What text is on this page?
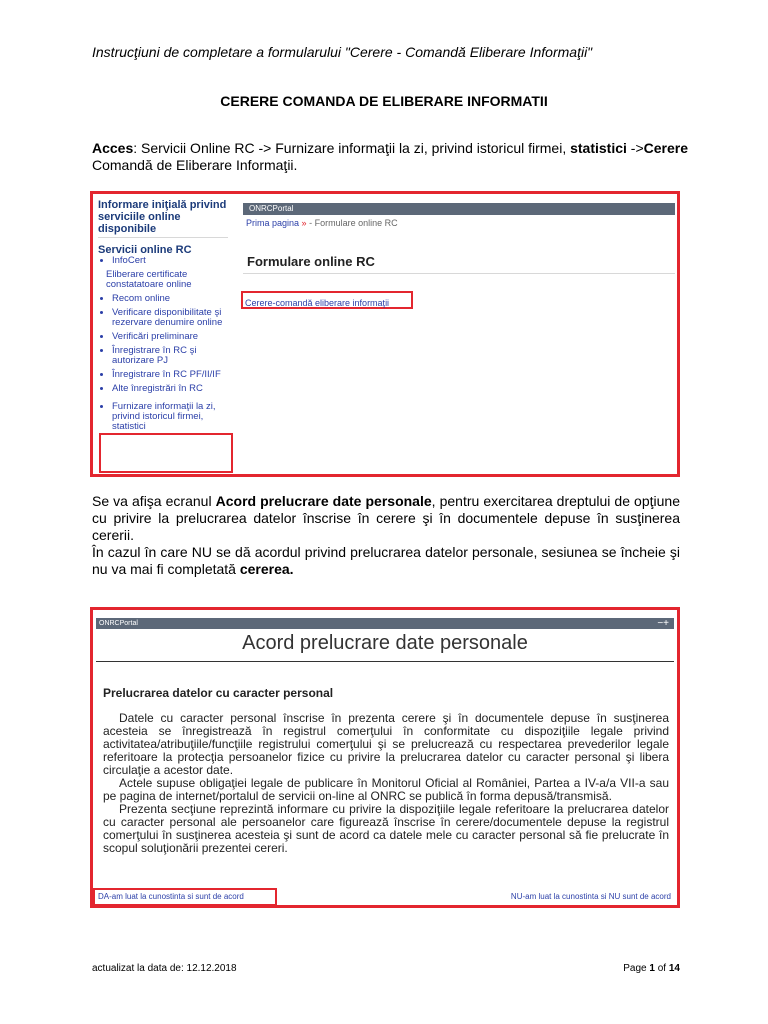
Instrucţiuni de completare a formularului "Cerere - Comandă Eliberare Informaţii"
CERERE COMANDA DE ELIBERARE INFORMATII
Acces: Servicii Online RC -> Furnizare informaţii la zi, privind istoricul firmei, statistici ->Cerere Comandă de Eliberare Informaţii.
Informare iniţială privind serviciile online disponibile
Servicii online RC
• InfoCert
Eliberare certificate constatatoare online
• Recom online
• Verificare disponibilitate şi rezervare denumire online
• Verificări preliminare
• Înregistrare în RC şi autorizare PJ
• Înregistrare în RC PF/II/IF
• Alte înregistrări în RC
• Furnizare informaţii la zi, privind istoricul firmei, statistici
ONRCPortal
Prima pagina » - Formulare online RC
Formulare online RC
Cerere-comandă eliberare informaţii
Se va afişa ecranul Acord prelucrare date personale, pentru exercitarea dreptului de opţiune cu privire la prelucrarea datelor înscrise în cerere şi în documentele depuse în susţinerea cererii.
În cazul în care NU se dă acordul privind prelucrarea datelor personale, sesiunea se încheie şi nu va mai fi completată cererea.
ONRCPortal	−+
Acord prelucrare date personale
Prelucrarea datelor cu caracter personal

Datele cu caracter personal înscrise în prezenta cerere şi în documentele depuse în susţinerea acesteia se înregistrează în registrul comerţului în conformitate cu dispoziţiile legale privind activitatea/atribuţiile/funcţiile registrului comerţului şi se prelucrează cu respectarea prevederilor legale referitoare la protecţia persoanelor fizice cu privire la prelucrarea datelor cu caracter personal şi libera circulaţie a acestor date.

Actele supuse obligaţiei legale de publicare în Monitorul Oficial al României, Partea a IV-a/a VII-a sau pe pagina de internet/portalul de servicii on-line al ONRC se publică în forma depusă/transmisă.

Prezenta secţiune reprezintă informare cu privire la dispoziţiile legale referitoare la prelucrarea datelor cu caracter personal ale persoanelor care figurează înscrise în cerere/documentele depuse la registrul comerţului în susţinerea acesteia şi sunt de acord ca datele mele cu caracter personal să fie prelucrate în scopul soluţionării prezentei cereri.

DA-am luat la cunostinta si sunt de acord	NU-am luat la cunostinta si NU sunt de acord
actualizat la data de: 12.12.2018	Page 1 of 14
